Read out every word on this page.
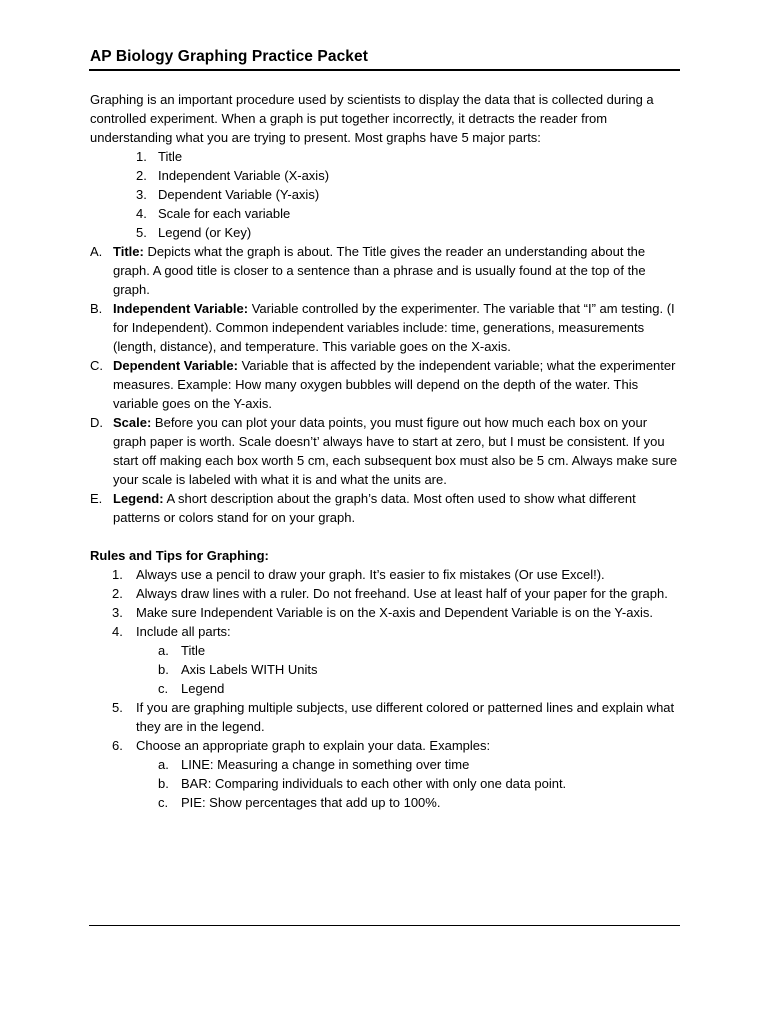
AP Biology Graphing Practice Packet

Graphing is an important procedure used by scientists to display the data that is collected during a controlled experiment. When a graph is put together incorrectly, it detracts the reader from understanding what you are trying to present. Most graphs have 5 major parts:

1. Title
2. Independent Variable (X-axis)
3. Dependent Variable (Y-axis)
4. Scale for each variable
5. Legend (or Key)
A. Title: Depicts what the graph is about. The Title gives the reader an understanding about the graph. A good title is closer to a sentence than a phrase and is usually found at the top of the graph.
B. Independent Variable: Variable controlled by the experimenter. The variable that “I” am testing. (I for Independent). Common independent variables include: time, generations, measurements (length, distance), and temperature. This variable goes on the X-axis.
C. Dependent Variable: Variable that is affected by the independent variable; what the experimenter measures. Example: How many oxygen bubbles will depend on the depth of the water. This variable goes on the Y-axis.
D. Scale: Before you can plot your data points, you must figure out how much each box on your graph paper is worth. Scale doesn’t’ always have to start at zero, but I must be consistent. If you start off making each box worth 5 cm, each subsequent box must also be 5 cm. Always make sure your scale is labeled with what it is and what the units are.
E. Legend: A short description about the graph’s data. Most often used to show what different patterns or colors stand for on your graph.

Rules and Tips for Graphing:

1. Always use a pencil to draw your graph. It’s easier to fix mistakes (Or use Excel!).
2. Always draw lines with a ruler. Do not freehand. Use at least half of your paper for the graph.
3. Make sure Independent Variable is on the X-axis and Dependent Variable is on the Y-axis.
4. Include all parts:
a. Title
b. Axis Labels WITH Units
c. Legend
5. If you are graphing multiple subjects, use different colored or patterned lines and explain what they are in the legend.
6. Choose an appropriate graph to explain your data. Examples:
a. LINE: Measuring a change in something over time
b. BAR: Comparing individuals to each other with only one data point.
c. PIE: Show percentages that add up to 100%.
